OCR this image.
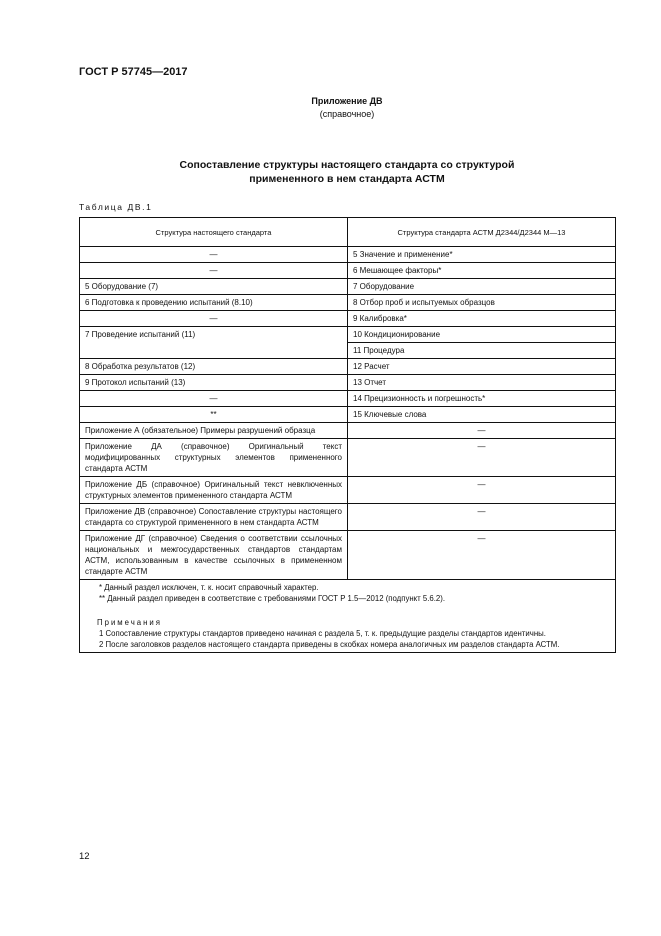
ГОСТ Р 57745—2017
Приложение ДВ
(справочное)
Сопоставление структуры настоящего стандарта со структурой
примененного в нем стандарта АСТМ
Таблица ДВ.1
Структура настоящего стандарта	Структура стандарта АСТМ Д2344/Д2344 М—13
—	5 Значение и применение*
—	6 Мешающее факторы*
5 Оборудование (7)	7 Оборудование
6 Подготовка к проведению испытаний (8.10)	8 Отбор проб и испытуемых образцов
—	9 Калибровка*
7 Проведение испытаний (11)	10 Кондиционирование
	11 Процедура
8 Обработка результатов (12)	12 Расчет
9 Протокол испытаний (13)	13 Отчет
—	14 Прецизионность и погрешность*
**	15 Ключевые слова
Приложение А (обязательное) Примеры разрушений образца	—
Приложение ДА (справочное) Оригинальный текст модифицированных структурных элементов примененного стандарта АСТМ	—
Приложение ДБ (справочное) Оригинальный текст невключенных структурных элементов примененного стандарта АСТМ	—
Приложение ДВ (справочное) Сопоставление структуры настоящего стандарта со структурой примененного в нем стандарта АСТМ	—
Приложение ДГ (справочное) Сведения о соответствии ссылочных национальных и межгосударственных стандартов стандартам АСТМ, использованным в качестве ссылочных в примененном стандарте АСТМ	—

* Данный раздел исключен, т. к. носит справочный характер.
** Данный раздел приведен в соответствие с требованиями ГОСТ Р 1.5—2012 (подпункт 5.6.2).
Примечания
1 Сопоставление структуры стандартов приведено начиная с раздела 5, т. к. предыдущие разделы стандартов идентичны.
2 После заголовков разделов настоящего стандарта приведены в скобках номера аналогичных им разделов стандарта АСТМ.	
12
